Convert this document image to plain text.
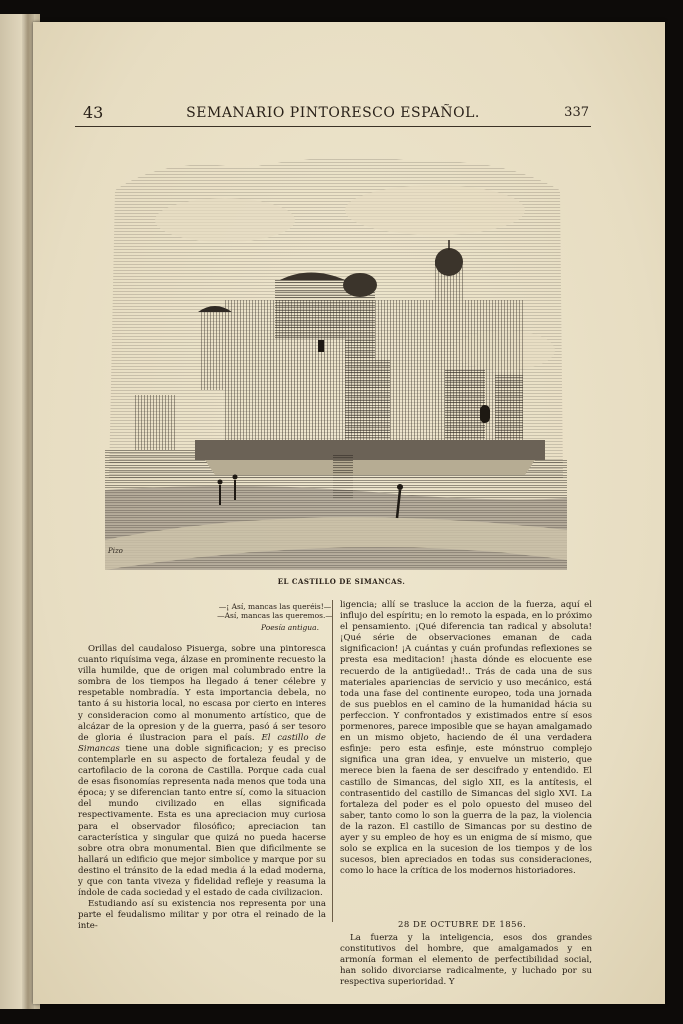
43	SEMANARIO PINTORESCO ESPAÑOL.	337
Pizo
EL CASTILLO DE SIMANCAS.
—¡ Así, mancas las queréis!—
—Así, mancas las queremos.—
Poesía antigua.

Orillas del caudaloso Pisuerga, sobre una pintoresca cuanto riquísima vega, álzase en prominente recuesto la villa humilde, que de origen mal columbrado entre la sombra de los tiempos ha llegado á tener célebre y respetable nombradía. Y esta importancia debela, no tanto á su historia local, no escasa por cierto en interes y consideracion como al monumento artístico, que de alcázar de la opresion y de la guerra, pasó á ser tesoro de gloria é ilustracion para el país. El castillo de Simancas tiene una doble significacion; y es preciso contemplarle en su aspecto de fortaleza feudal y de cartofilacio de la corona de Castilla. Porque cada cual de esas fisonomías representa nada menos que toda una época; y se diferencian tanto entre sí, como la situacion del mundo civilizado en ellas significada respectivamente. Esta es una apreciacion muy curiosa para el observador filosófico; apreciacion tan característica y singular que quizá no pueda hacerse sobre otra obra monumental. Bien que dificilmente se hallará un edificio que mejor simbolice y marque por su destino el tránsito de la edad media á la edad moderna, y que con tanta viveza y fidelidad refleje y reasuma la índole de cada sociedad y el estado de cada civilizacion.

Estudiando así su existencia nos representa por una parte el feudalismo militar y por otra el reinado de la inte-

ligencia; allí se trasluce la accion de la fuerza, aquí el influjo del espíritu; en lo remoto la espada, en lo próximo el pensamiento. ¡Qué diferencia tan radical y absoluta! ¡Qué série de observaciones emanan de cada significacion! ¡A cuántas y cuán profundas reflexiones se presta esa meditacion! ¡hasta dónde es elocuente ese recuerdo de la antigüedad!.. Trás de cada una de sus materiales apariencias de servicio y uso mecánico, está toda una fase del continente europeo, toda una jornada de sus pueblos en el camino de la humanidad hácia su perfeccion. Y confrontados y existimados entre sí esos pormenores, parece imposible que se hayan amalgamado en un mismo objeto, haciendo de él una verdadera esfinje: pero esta esfinje, este mónstruo complejo significa una gran idea, y envuelve un misterio, que merece bien la faena de ser descifrado y entendido. El castillo de Simancas, del siglo XII, es la antítesis, el contrasentido del castillo de Simancas del siglo XVI. La fortaleza del poder es el polo opuesto del museo del saber, tanto como lo son la guerra de la paz, la violencia de la razon. El castillo de Simancas por su destino de ayer y su empleo de hoy es un enigma de sí mismo, que solo se explica en la sucesion de los tiempos y de los sucesos, bien apreciados en todas sus consideraciones, como lo hace la crítica de los modernos historiadores.

28 DE OCTUBRE DE 1856.

La fuerza y la inteligencia, esos dos grandes constitutivos del hombre, que amalgamados y en armonía forman el elemento de perfectibilidad social, han solido divorciarse radicalmente, y luchado por su respectiva superioridad. Y
